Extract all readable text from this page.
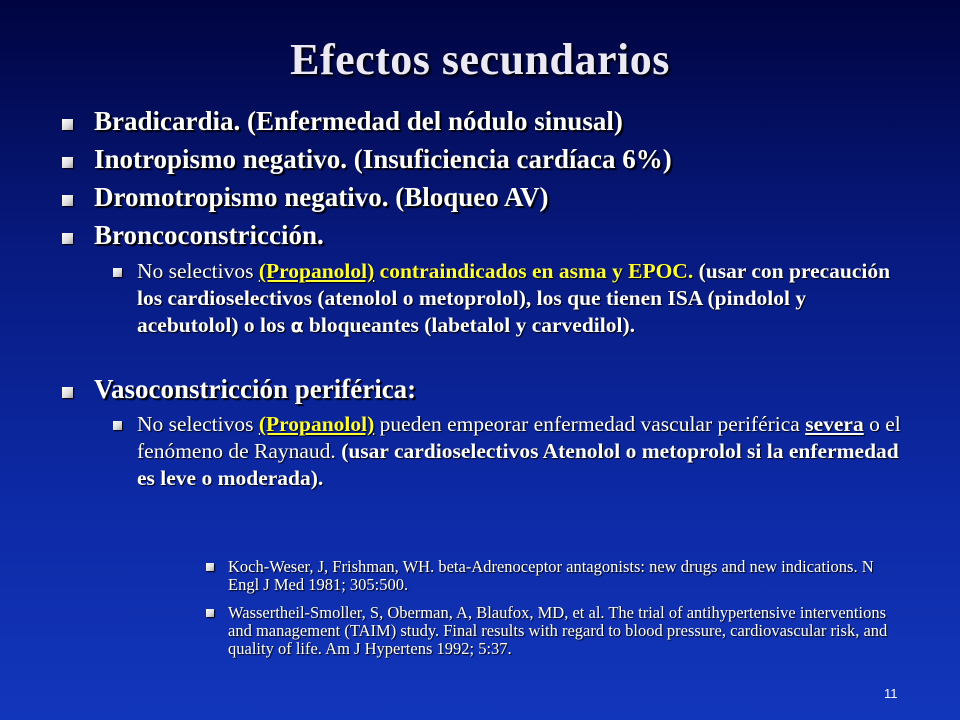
Efectos secundarios
Bradicardia. (Enfermedad del nódulo sinusal)
Inotropismo negativo. (Insuficiencia cardíaca 6%)
Dromotropismo negativo. (Bloqueo AV)
Broncoconstricción.
No selectivos (Propanolol) contraindicados en asma y EPOC. (usar con precaución los cardioselectivos (atenolol o metoprolol), los que tienen ISA (pindolol y acebutolol) o los α bloqueantes (labetalol y carvedilol).
Vasoconstricción periférica:
No selectivos (Propanolol) pueden empeorar enfermedad vascular periférica severa o el fenómeno de Raynaud. (usar cardioselectivos Atenolol o metoprolol si la enfermedad es leve o moderada).
Koch-Weser, J, Frishman, WH. beta-Adrenoceptor antagonists: new drugs and new indications. N Engl J Med 1981; 305:500.
Wassertheil-Smoller, S, Oberman, A, Blaufox, MD, et al. The trial of antihypertensive interventions and management (TAIM) study. Final results with regard to blood pressure, cardiovascular risk, and quality of life. Am J Hypertens 1992; 5:37.
11
